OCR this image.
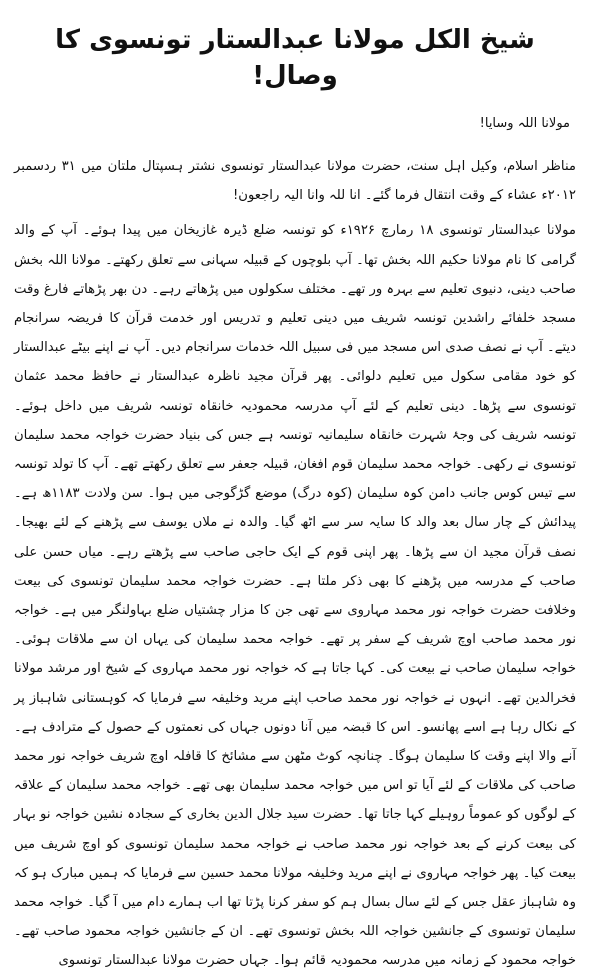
شیخ الکل مولانا عبدالستار تونسوی کا وصال!
مولانا اللہ وسایا!

مناظر اسلام، وکیل اہل سنت، حضرت مولانا عبدالستار تونسوی نشتر ہسپتال ملتان میں ۳۱ ردسمبر ۲۰۱۲ء عشاء کے وقت انتقال فرما گئے۔ انا للہ وانا الیہ راجعون!

مولانا عبدالستار تونسوی ۱۸ رمارچ ۱۹۲۶ء کو تونسہ ضلع ڈیرہ غازیخان میں پیدا ہوئے۔ آپ کے والد گرامی کا نام مولانا حکیم اللہ بخش تھا۔ آپ بلوچوں کے قبیلہ سہانی سے تعلق رکھتے۔ مولانا اللہ بخش صاحب دینی، دنیوی تعلیم سے بہرہ ور تھے۔ مختلف سکولوں میں پڑھاتے رہے۔ دن بھر پڑھاتے فارغ وقت مسجد خلفائے راشدین تونسہ شریف میں دینی تعلیم و تدریس اور خدمت قرآن کا فریضہ سرانجام دیتے۔ آپ نے نصف صدی اس مسجد میں فی سبیل اللہ خدمات سرانجام دیں۔ آپ نے اپنے بیٹے عبدالستار کو خود مقامی سکول میں تعلیم دلوائی۔ پھر قرآن مجید ناظرہ عبدالستار نے حافظ محمد عثمان تونسوی سے پڑھا۔ دینی تعلیم کے لئے آپ مدرسہ محمودیہ خانقاہ تونسہ شریف میں داخل ہوئے۔ تونسہ شریف کی وجۂ شہرت خانقاہ سلیمانیہ تونسہ ہے جس کی بنیاد حضرت خواجہ محمد سلیمان تونسوی نے رکھی۔ خواجہ محمد سلیمان قوم افغان، قبیلہ جعفر سے تعلق رکھتے تھے۔ آپ کا تولد تونسہ سے تیس کوس جانب دامن کوہ سلیمان (کوہ درگ) موضع گڑگوجی میں ہوا۔ سن ولادت ۱۱۸۳ھ ہے۔ پیدائش کے چار سال بعد والد کا سایہ سر سے اٹھ گیا۔ والدہ نے ملاں یوسف سے پڑھنے کے لئے بھیجا۔ نصف قرآن مجید ان سے پڑھا۔ پھر اپنی قوم کے ایک حاجی صاحب سے پڑھتے رہے۔ میاں حسن علی صاحب کے مدرسہ میں پڑھنے کا بھی ذکر ملتا ہے۔ حضرت خواجہ محمد سلیمان تونسوی کی بیعت وخلافت حضرت خواجہ نور محمد مہاروی سے تھی جن کا مزار چشتیاں ضلع بہاولنگر میں ہے۔ خواجہ نور محمد صاحب اوچ شریف کے سفر پر تھے۔ خواجہ محمد سلیمان کی یہاں ان سے ملاقات ہوئی۔ خواجہ سلیمان صاحب نے بیعت کی۔ کہا جاتا ہے کہ خواجہ نور محمد مہاروی کے شیخ اور مرشد مولانا فخرالدین تھے۔ انہوں نے خواجہ نور محمد صاحب اپنے مرید وخلیفہ سے فرمایا کہ کوہستانی شاہباز پر کے نکال رہا ہے اسے پھانسو۔ اس کا قبضہ میں آنا دونوں جہاں کی نعمتوں کے حصول کے مترادف ہے۔ آنے والا اپنے وقت کا سلیمان ہوگا۔ چنانچہ کوٹ مٹھن سے مشائخ کا قافلہ اوچ شریف خواجہ نور محمد صاحب کی ملاقات کے لئے آیا تو اس میں خواجہ محمد سلیمان بھی تھے۔ خواجہ محمد سلیمان کے علاقہ کے لوگوں کو عموماً روہیلے کہا جاتا تھا۔ حضرت سید جلال الدین بخاری کے سجادہ نشین خواجہ نو بہار کی بیعت کرنے کے بعد خواجہ نور محمد صاحب نے خواجہ محمد سلیمان تونسوی کو اوچ شریف میں بیعت کیا۔ پھر خواجہ مہاروی نے اپنے مرید وخلیفہ مولانا محمد حسین سے فرمایا کہ ہمیں مبارک ہو کہ وہ شاہباز عقل جس کے لئے سال بسال ہم کو سفر کرنا پڑتا تھا اب ہمارے دام میں آ گیا۔ خواجہ محمد سلیمان تونسوی کے جانشین خواجہ اللہ بخش تونسوی تھے۔ ان کے جانشین خواجہ محمود صاحب تھے۔ خواجہ محمود کے زمانہ میں مدرسہ محمودیہ قائم ہوا۔ جہاں حضرت مولانا عبدالستار تونسوی
